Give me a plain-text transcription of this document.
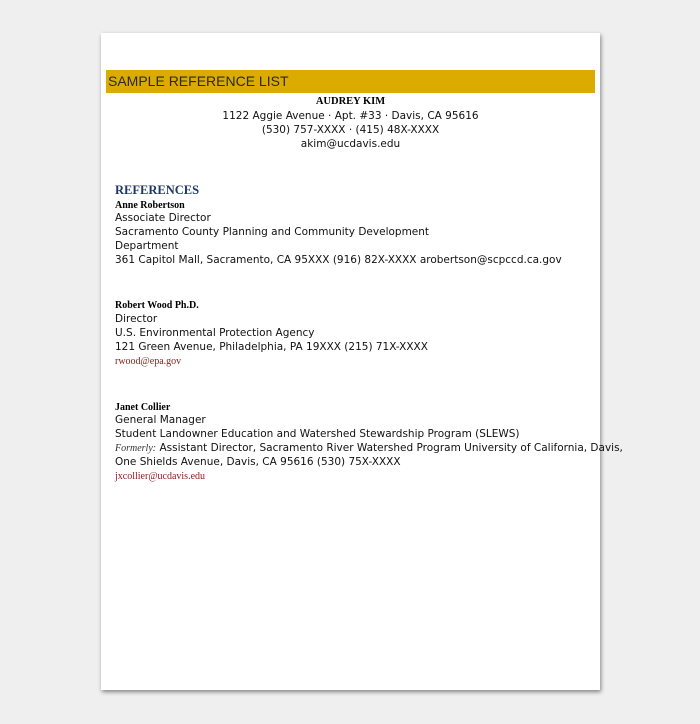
SAMPLE REFERENCE LIST
AUDREY KIM
1122 Aggie Avenue · Apt. #33 · Davis, CA 95616
(530) 757-XXXX · (415) 48X-XXXX
akim@ucdavis.edu
REFERENCES
Anne Robertson
Associate Director
Sacramento County Planning and Community Development
Department
361 Capitol Mall, Sacramento, CA 95XXX (916) 82X-XXXX arobertson@scpccd.ca.gov
Robert Wood Ph.D.
Director
U.S. Environmental Protection Agency
121 Green Avenue, Philadelphia, PA 19XXX (215) 71X-XXXX
rwood@epa.gov
Janet Collier
General Manager
Student Landowner Education and Watershed Stewardship Program (SLEWS)
Formerly: Assistant Director, Sacramento River Watershed Program University of California, Davis,
One Shields Avenue, Davis, CA 95616 (530) 75X-XXXX
jxcollier@ucdavis.edu
